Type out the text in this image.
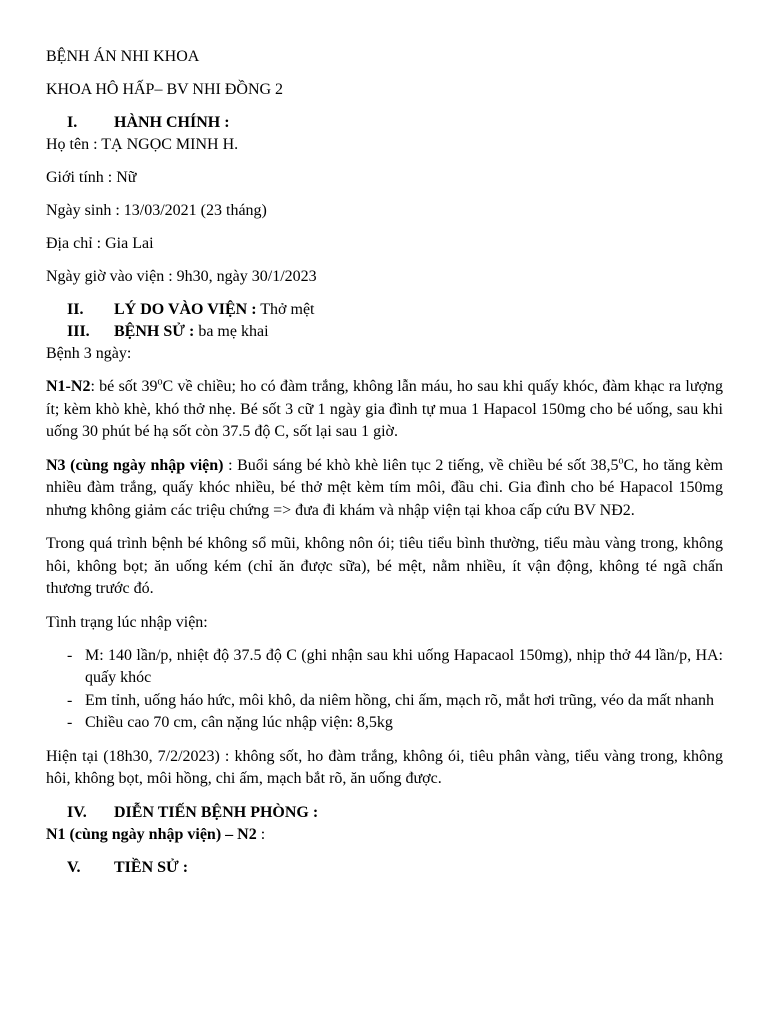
BỆNH ÁN NHI KHOA

KHOA HÔ HẤP– BV NHI ĐỒNG 2

I.	HÀNH CHÍNH :

Họ tên : TẠ NGỌC MINH H.

Giới tính : Nữ

Ngày sinh : 13/03/2021 (23 tháng)

Địa chỉ : Gia Lai

Ngày giờ vào viện : 9h30, ngày 30/1/2023

II.	LÝ DO VÀO VIỆN : Thở mệt
III.	BỆNH SỬ : ba mẹ khai

Bệnh 3 ngày:

N1-N2: bé sốt 39$^o$C về chiều; ho có đàm trắng, không lẫn máu, ho sau khi quấy khóc, đàm khạc ra lượng ít; kèm khò khè, khó thở nhẹ. Bé sốt 3 cữ 1 ngày gia đình tự mua 1 Hapacol 150mg cho bé uống, sau khi uống 30 phút bé hạ sốt còn 37.5 độ C, sốt lại sau 1 giờ.

N3 (cùng ngày nhập viện) : Buổi sáng bé khò khè liên tục 2 tiếng, về chiều bé sốt 38,5$^o$C, ho tăng kèm nhiều đàm trắng, quấy khóc nhiều, bé thở mệt kèm tím môi, đầu chi. Gia đình cho bé Hapacol 150mg nhưng không giảm các triệu chứng => đưa đi khám và nhập viện tại khoa cấp cứu BV NĐ2.

Trong quá trình bệnh bé không sổ mũi, không nôn ói; tiêu tiểu bình thường, tiểu màu vàng trong, không hôi, không bọt; ăn uống kém (chỉ ăn được sữa), bé mệt, nằm nhiều, ít vận động, không té ngã chấn thương trước đó.

Tình trạng lúc nhập viện:

- M: 140 lần/p, nhiệt độ 37.5 độ C (ghi nhận sau khi uống Hapacaol 150mg), nhịp thở 44 lần/p, HA: quấy khóc
- Em tỉnh, uống háo hức, môi khô, da niêm hồng, chi ấm, mạch rõ, mắt hơi trũng, véo da mất nhanh
- Chiều cao 70 cm, cân nặng lúc nhập viện: 8,5kg

Hiện tại (18h30, 7/2/2023) : không sốt, ho đàm trắng, không ói, tiêu phân vàng, tiểu vàng trong, không hôi, không bọt, môi hồng, chi ấm, mạch bắt rõ, ăn uống được.

IV.	DIỄN TIẾN BỆNH PHÒNG :

N1 (cùng ngày nhập viện) – N2 :

V.	TIỀN SỬ :
